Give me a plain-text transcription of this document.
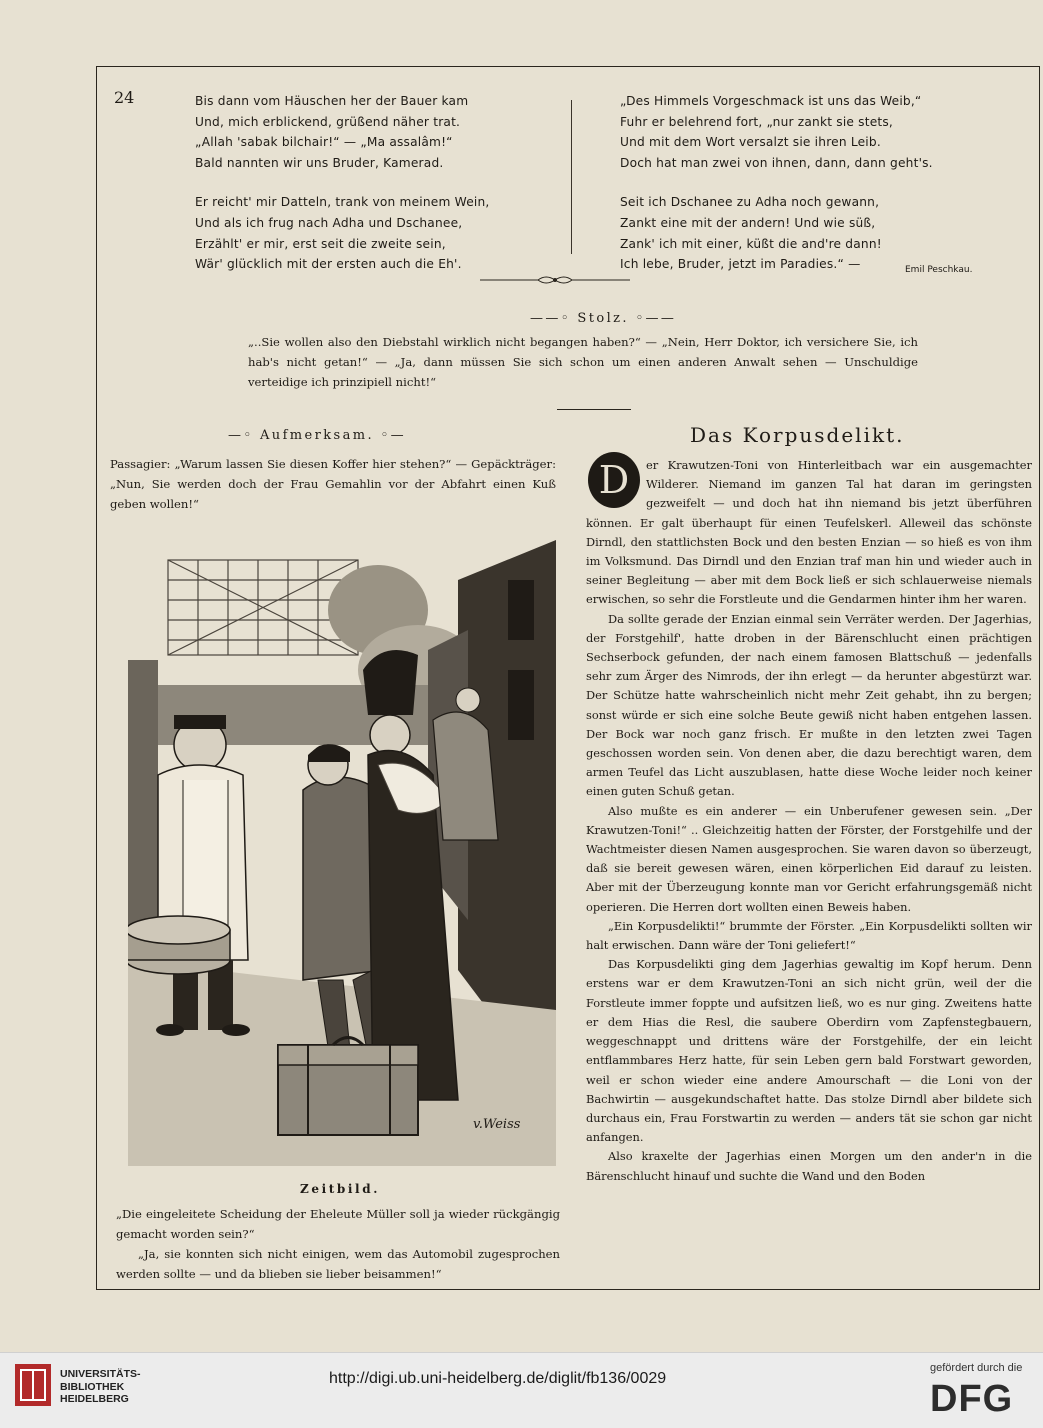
24	Bis dann vom Häuschen her der Bauer kam

Und, mich erblickend, grüßend näher trat.

„Allah 'sabak bilchair!“ — „Ma assalâm!“

Bald nannten wir uns Bruder, Kamerad.

Er reicht' mir Datteln, trank von meinem Wein,

Und als ich frug nach Adha und Dschanee,

Erzählt' er mir, erst seit die zweite sein,

Wär' glücklich mit der ersten auch die Eh'.

„Des Himmels Vorgeschmack ist uns das Weib,“

Fuhr er belehrend fort, „nur zankt sie stets,

Und mit dem Wort versalzt sie ihren Leib.

Doch hat man zwei von ihnen, dann, dann geht's.

Seit ich Dschanee zu Adha noch gewann,

Zankt eine mit der andern! Und wie süß,

Zank' ich mit einer, küßt die and're dann!

Ich lebe, Bruder, jetzt im Paradies.“ —	Emil Peschkau.
——◦ Stolz. ◦——
„..Sie wollen also den Diebstahl wirklich nicht begangen haben?“ — „Nein, Herr Doktor, ich versichere Sie, ich hab's nicht getan!“ — „Ja, dann müssen Sie sich schon um einen anderen Anwalt sehen — Unschuldige verteidige ich prinzipiell nicht!“
—◦ Aufmerksam. ◦—
Passagier: „Warum lassen Sie diesen Koffer hier stehen?“ — Gepäckträger: „Nun, Sie werden doch der Frau Gemahlin vor der Abfahrt einen Kuß geben wollen!“
v.Weiss
Zeitbild.

„Die eingeleitete Scheidung der Eheleute Müller soll ja wieder rückgängig gemacht worden sein?“

„Ja, sie konnten sich nicht einigen, wem das Automobil zugesprochen werden sollte — und da blieben sie lieber beisammen!“

Das Korpusdelikt.
D	er Krawutzen-Toni von Hinterleitbach war ein ausgemachter Wilderer. Niemand im ganzen Tal hat daran im geringsten gezweifelt — und doch hat ihn niemand bis jetzt überführen können. Er galt überhaupt für einen Teufelskerl. Alleweil das schönste Dirndl, den stattlichsten Bock und den besten Enzian — so hieß es von ihm im Volksmund. Das Dirndl und den Enzian traf man hin und wieder auch in seiner Begleitung — aber mit dem Bock ließ er sich schlauerweise niemals erwischen, so sehr die Forstleute und die Gendarmen hinter ihm her waren.

Da sollte gerade der Enzian einmal sein Verräter werden. Der Jagerhias, der Forstgehilf', hatte droben in der Bärenschlucht einen prächtigen Sechserbock gefunden, der nach einem famosen Blattschuß — jedenfalls sehr zum Ärger des Nimrods, der ihn erlegt — da herunter abgestürzt war. Der Schütze hatte wahrscheinlich nicht mehr Zeit gehabt, ihn zu bergen; sonst würde er sich eine solche Beute gewiß nicht haben entgehen lassen. Der Bock war noch ganz frisch. Er mußte in den letzten zwei Tagen geschossen worden sein. Von denen aber, die dazu berechtigt waren, dem armen Teufel das Licht auszublasen, hatte diese Woche leider noch keiner einen guten Schuß getan.

Also mußte es ein anderer — ein Unberufener gewesen sein. „Der Krawutzen-Toni!“ .. Gleichzeitig hatten der Förster, der Forstgehilfe und der Wachtmeister diesen Namen ausgesprochen. Sie waren davon so überzeugt, daß sie bereit gewesen wären, einen körperlichen Eid darauf zu leisten. Aber mit der Überzeugung konnte man vor Gericht erfahrungsgemäß nicht operieren. Die Herren dort wollten einen Beweis haben.

„Ein Korpusdelikti!“ brummte der Förster. „Ein Korpusdelikti sollten wir halt erwischen. Dann wäre der Toni geliefert!“

Das Korpusdelikti ging dem Jagerhias gewaltig im Kopf herum. Denn erstens war er dem Krawutzen-Toni an sich nicht grün, weil der die Forstleute immer foppte und aufsitzen ließ, wo es nur ging. Zweitens hatte er dem Hias die Resl, die saubere Oberdirn vom Zapfenstegbauern, weggeschnappt und drittens wäre der Forstgehilfe, der ein leicht entflammbares Herz hatte, für sein Leben gern bald Forstwart geworden, weil er schon wieder eine andere Amourschaft — die Loni von der Bachwirtin — ausgekundschaftet hatte. Das stolze Dirndl aber bildete sich durchaus ein, Frau Forstwartin zu werden — anders tät sie schon gar nicht anfangen.

Also kraxelte der Jagerhias einen Morgen um den ander'n in die Bärenschlucht hinauf und suchte die Wand und den Boden

UNIVERSITÄTS-
BIBLIOTHEK
HEIDELBERG
http://digi.ub.uni-heidelberg.de/diglit/fb136/0029
gefördert durch die
DFG
